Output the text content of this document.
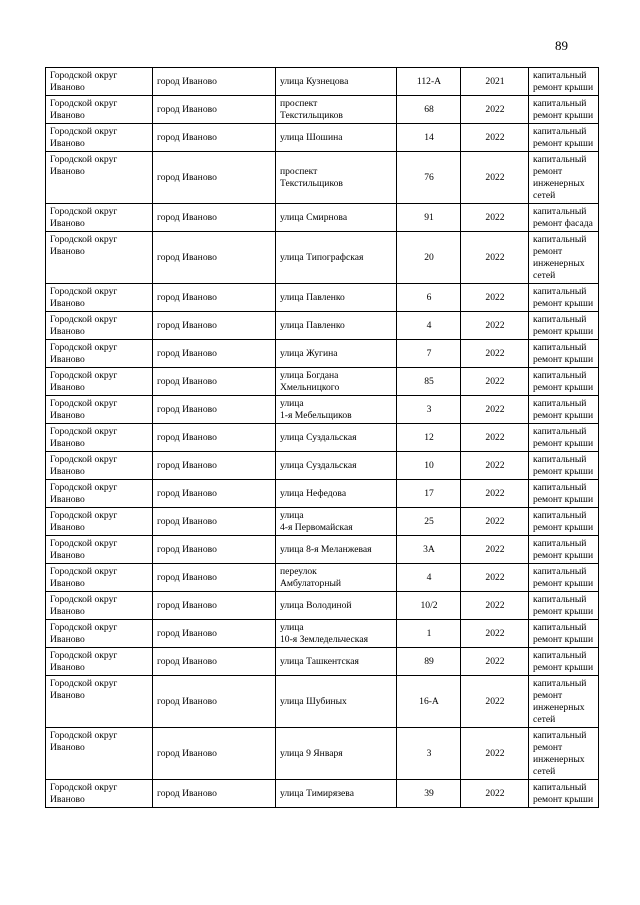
89
Городской округ
Иваново	город Иваново	улица Кузнецова	112-А	2021	капитальный
ремонт крыши

Городской округ
Иваново	город Иваново	проспект
Текстильщиков	68	2022	капитальный
ремонт крыши

Городской округ
Иваново	город Иваново	улица Шошина	14	2022	капитальный
ремонт крыши

Городской округ
Иваново	город Иваново	проспект
Текстильщиков	76	2022	капитальный
ремонт
инженерных
сетей

Городской округ
Иваново	город Иваново	улица Смирнова	91	2022	капитальный
ремонт фасада

Городской округ
Иваново	город Иваново	улица Типографская	20	2022	капитальный
ремонт
инженерных
сетей

Городской округ
Иваново	город Иваново	улица Павленко	6	2022	капитальный
ремонт крыши

Городской округ
Иваново	город Иваново	улица Павленко	4	2022	капитальный
ремонт крыши

Городской округ
Иваново	город Иваново	улица Жугина	7	2022	капитальный
ремонт крыши

Городской округ
Иваново	город Иваново	улица Богдана
Хмельницкого	85	2022	капитальный
ремонт крыши

Городской округ
Иваново	город Иваново	улица
1-я Мебельщиков	3	2022	капитальный
ремонт крыши

Городской округ
Иваново	город Иваново	улица Суздальская	12	2022	капитальный
ремонт крыши

Городской округ
Иваново	город Иваново	улица Суздальская	10	2022	капитальный
ремонт крыши

Городской округ
Иваново	город Иваново	улица Нефедова	17	2022	капитальный
ремонт крыши

Городской округ
Иваново	город Иваново	улица
4-я Первомайская	25	2022	капитальный
ремонт крыши

Городской округ
Иваново	город Иваново	улица 8-я Меланжевая	3А	2022	капитальный
ремонт крыши

Городской округ
Иваново	город Иваново	переулок
Амбулаторный	4	2022	капитальный
ремонт крыши

Городской округ
Иваново	город Иваново	улица Володиной	10/2	2022	капитальный
ремонт крыши

Городской округ
Иваново	город Иваново	улица
10-я Земледельческая	1	2022	капитальный
ремонт крыши

Городской округ
Иваново	город Иваново	улица Ташкентская	89	2022	капитальный
ремонт крыши

Городской округ
Иваново	город Иваново	улица Шубиных	16-А	2022	капитальный
ремонт
инженерных
сетей

Городской округ
Иваново	город Иваново	улица 9 Января	3	2022	капитальный
ремонт
инженерных
сетей

Городской округ
Иваново	город Иваново	улица Тимирязева	39	2022	капитальный
ремонт крыши
